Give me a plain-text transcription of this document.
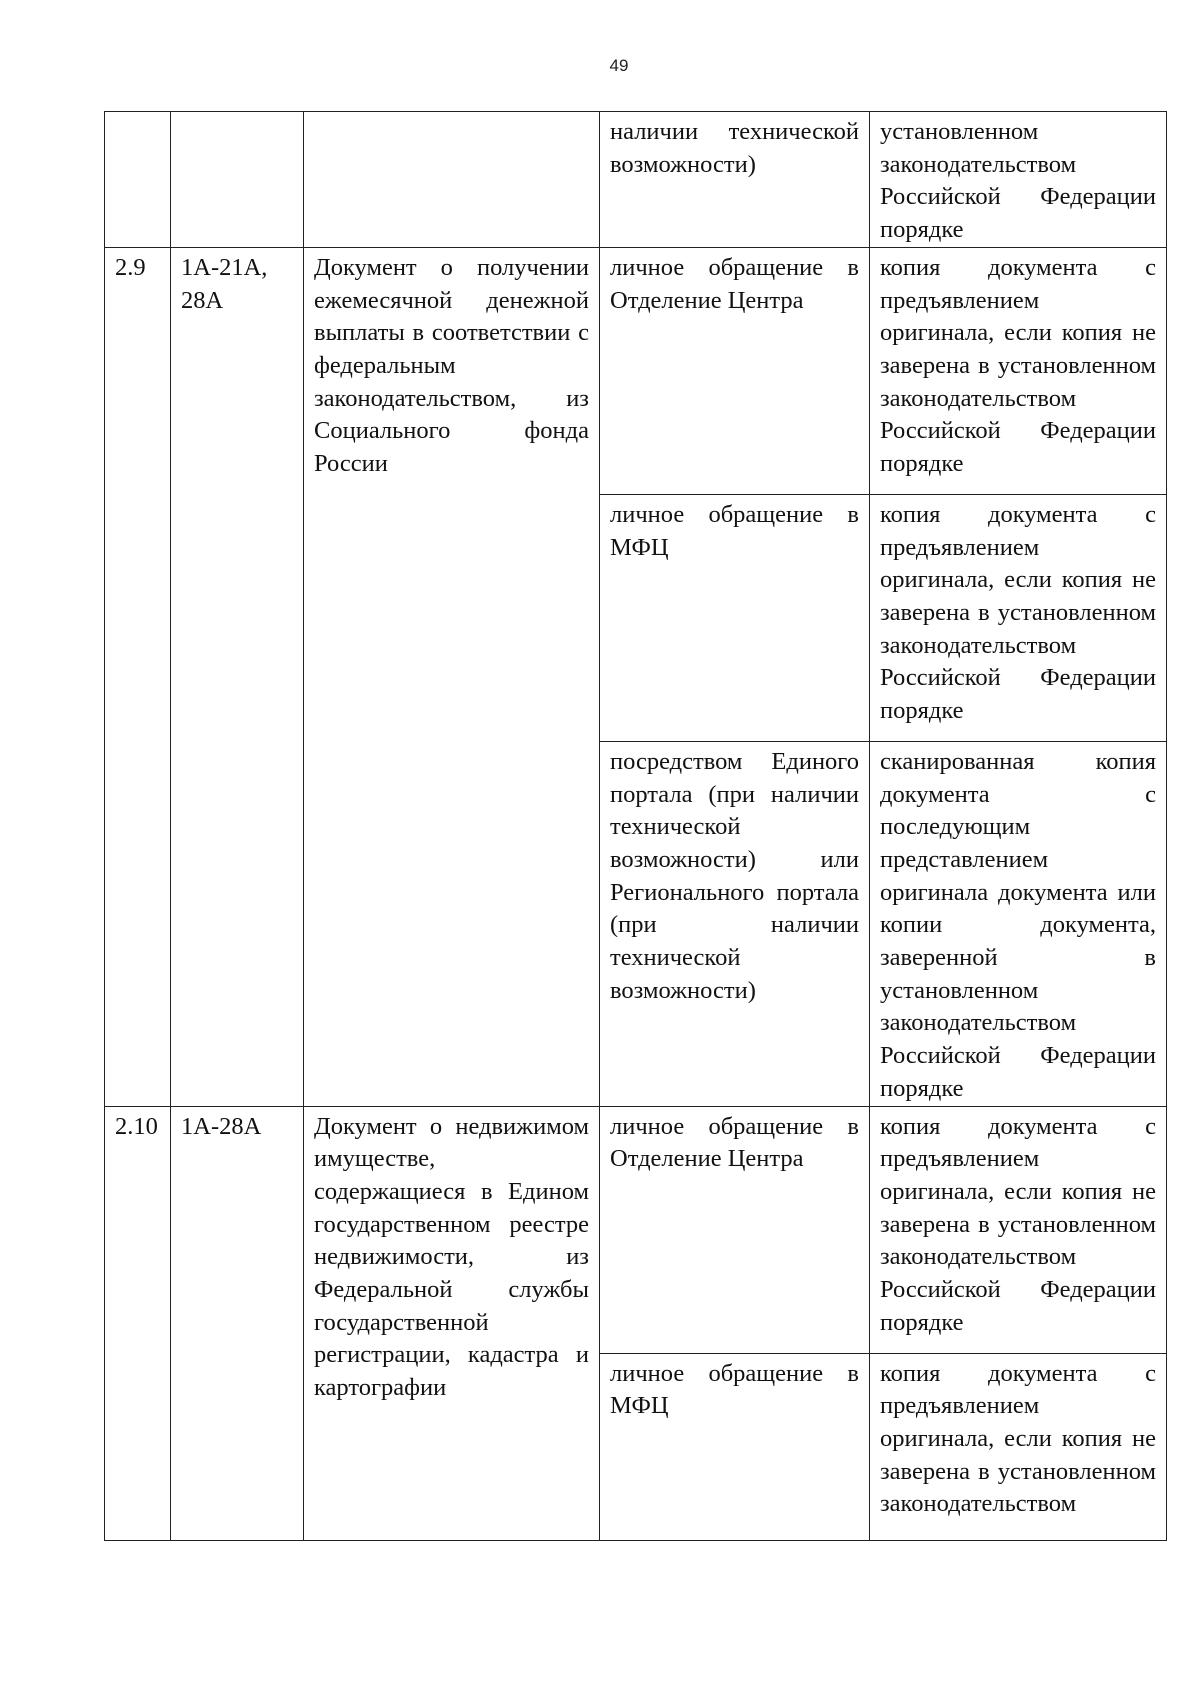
49
			наличии технической возможности)	установленном законодательством Российской Федерации порядке
2.9	1А-21А, 28А	Документ о получении ежемесячной денежной выплаты в соответствии с федеральным законодательством, из Социального фонда России	личное обращение в Отделение Центра	копия документа с предъявлением оригинала, если копия не заверена в установленном законодательством Российской Федерации порядке
			личное обращение в МФЦ	копия документа с предъявлением оригинала, если копия не заверена в установленном законодательством Российской Федерации порядке
			посредством Единого портала (при наличии технической возможности) или Регионального портала (при наличии технической возможности)	сканированная копия документа с последующим представлением оригинала документа или копии документа, заверенной в установленном законодательством Российской Федерации порядке
2.10	1А-28А	Документ о недвижимом имуществе, содержащиеся в Едином государственном реестре недвижимости, из Федеральной службы государственной регистрации, кадастра и картографии	личное обращение в Отделение Центра	копия документа с предъявлением оригинала, если копия не заверена в установленном законодательством Российской Федерации порядке
			личное обращение в МФЦ	копия документа с предъявлением оригинала, если копия не заверена в установленном законодательством
